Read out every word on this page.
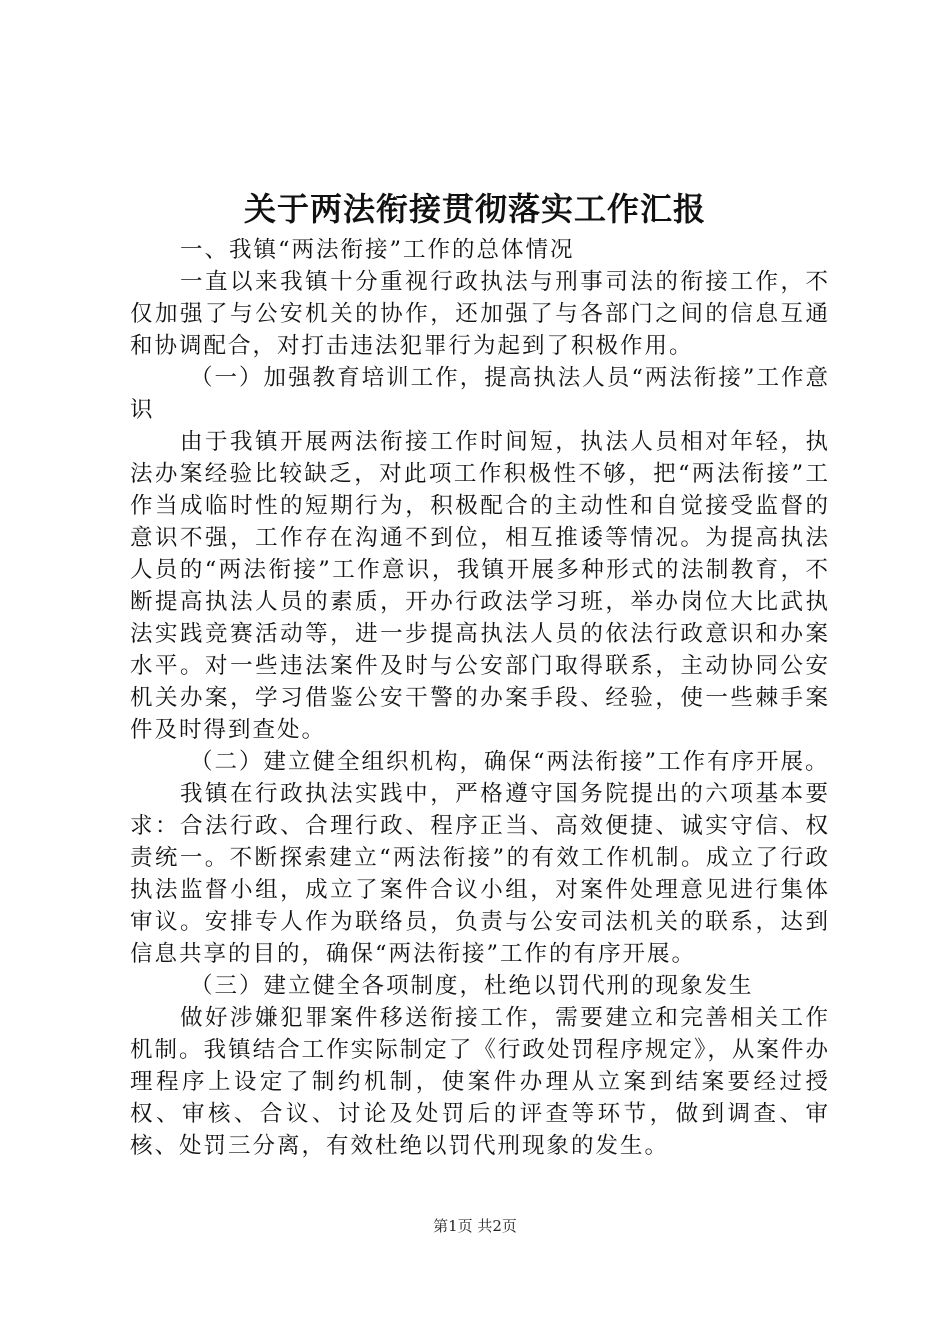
关于两法衔接贯彻落实工作汇报

一、我镇“两法衔接”工作的总体情况

一直以来我镇十分重视行政执法与刑事司法的衔接工作，不仅加强了与公安机关的协作，还加强了与各部门之间的信息互通和协调配合，对打击违法犯罪行为起到了积极作用。

（一）加强教育培训工作，提高执法人员“两法衔接”工作意识

由于我镇开展两法衔接工作时间短，执法人员相对年轻，执法办案经验比较缺乏，对此项工作积极性不够，把“两法衔接”工作当成临时性的短期行为，积极配合的主动性和自觉接受监督的意识不强，工作存在沟通不到位，相互推诿等情况。为提高执法人员的“两法衔接”工作意识，我镇开展多种形式的法制教育，不断提高执法人员的素质，开办行政法学习班，举办岗位大比武执法实践竞赛活动等，进一步提高执法人员的依法行政意识和办案水平。对一些违法案件及时与公安部门取得联系，主动协同公安机关办案，学习借鉴公安干警的办案手段、经验，使一些棘手案件及时得到查处。

（二）建立健全组织机构，确保“两法衔接”工作有序开展。

我镇在行政执法实践中，严格遵守国务院提出的六项基本要求：合法行政、合理行政、程序正当、高效便捷、诚实守信、权责统一。不断探索建立“两法衔接”的有效工作机制。成立了行政执法监督小组，成立了案件合议小组，对案件处理意见进行集体审议。安排专人作为联络员，负责与公安司法机关的联系，达到信息共享的目的，确保“两法衔接”工作的有序开展。

（三）建立健全各项制度，杜绝以罚代刑的现象发生

做好涉嫌犯罪案件移送衔接工作，需要建立和完善相关工作机制。我镇结合工作实际制定了《行政处罚程序规定》，从案件办理程序上设定了制约机制，使案件办理从立案到结案要经过授权、审核、合议、讨论及处罚后的评查等环节，做到调查、审核、处罚三分离，有效杜绝以罚代刑现象的发生。

第1页 共2页
